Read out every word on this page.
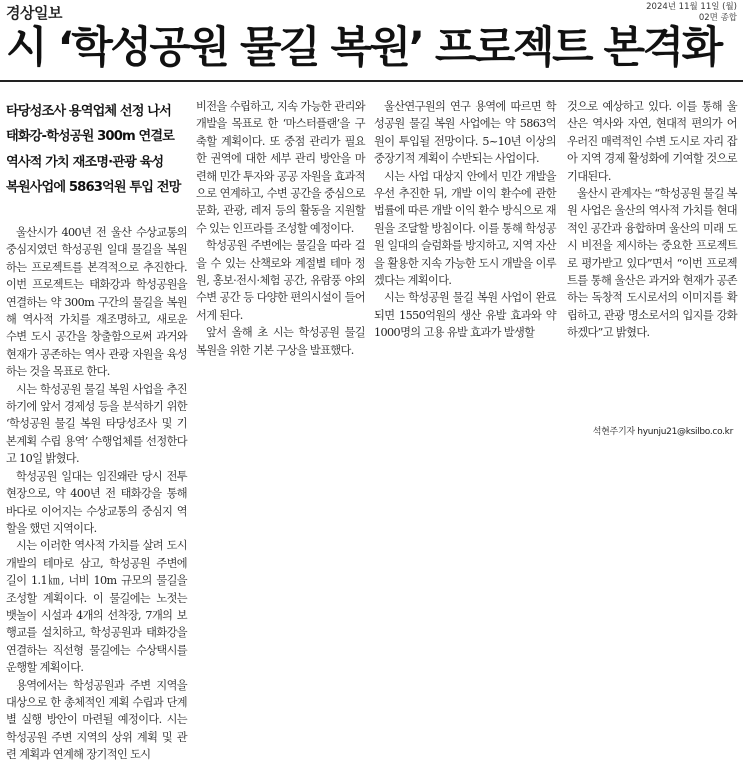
경상일보	2024년 11월 11일 (월)
02면 종합
시 ‘학성공원 물길 복원’ 프로젝트 본격화
타당성조사 용역업체 선정 나서
태화강-학성공원 300m 연결로
역사적 가치 재조명·관광 육성
복원사업에 5863억원 투입 전망

울산시가 400년 전 울산 수상교통의 중심지였던 학성공원 일대 물길을 복원하는 프로젝트를 본격적으로 추진한다. 이번 프로젝트는 태화강과 학성공원을 연결하는 약 300m 구간의 물길을 복원해 역사적 가치를 재조명하고, 새로운 수변 도시 공간을 창출함으로써 과거와 현재가 공존하는 역사 관광 자원을 육성하는 것을 목표로 한다.

시는 학성공원 물길 복원 사업을 추진하기에 앞서 경제성 등을 분석하기 위한 ‘학성공원 물길 복원 타당성조사 및 기본계획 수립 용역’ 수행업체를 선정한다고 10일 밝혔다.

학성공원 일대는 임진왜란 당시 전투 현장으로, 약 400년 전 태화강을 통해 바다로 이어지는 수상교통의 중심지 역할을 했던 지역이다.

시는 이러한 역사적 가치를 살려 도시 개발의 테마로 삼고, 학성공원 주변에 길이 1.1㎞, 너비 10m 규모의 물길을 조성할 계획이다. 이 물길에는 노젓는 뱃놀이 시설과 4개의 선착장, 7개의 보행교를 설치하고, 학성공원과 태화강을 연결하는 직선형 물길에는 수상택시를 운행할 계획이다.

용역에서는 학성공원과 주변 지역을 대상으로 한 총체적인 계획 수립과 단계별 실행 방안이 마련될 예정이다. 시는 학성공원 주변 지역의 상위 계획 및 관련 계획과 연계해 장기적인 도시

비전을 수립하고, 지속 가능한 관리와 개발을 목표로 한 ‘마스터플랜’을 구축할 계획이다. 또 중점 관리가 필요한 권역에 대한 세부 관리 방안을 마련해 민간 투자와 공공 자원을 효과적으로 연계하고, 수변 공간을 중심으로 문화, 관광, 레저 등의 활동을 지원할 수 있는 인프라를 조성할 예정이다.

학성공원 주변에는 물길을 따라 걸을 수 있는 산책로와 계절별 테마 정원, 홍보·전시·체험 공간, 유람풍 야외 수변 공간 등 다양한 편의시설이 들어서게 된다.

앞서 올해 초 시는 학성공원 물길 복원을 위한 기본 구상을 발표했다.

울산연구원의 연구 용역에 따르면 학성공원 물길 복원 사업에는 약 5863억원이 투입될 전망이다. 5~10년 이상의 중장기적 계획이 수반되는 사업이다.

시는 사업 대상지 안에서 민간 개발을 우선 추진한 뒤, 개발 이익 환수에 관한 법률에 따른 개발 이익 환수 방식으로 재원을 조달할 방침이다. 이를 통해 학성공원 일대의 슬럼화를 방지하고, 지역 자산을 활용한 지속 가능한 도시 개발을 이루겠다는 계획이다.

시는 학성공원 물길 복원 사업이 완료되면 1550억원의 생산 유발 효과와 약 1000명의 고용 유발 효과가 발생할

것으로 예상하고 있다. 이를 통해 울산은 역사와 자연, 현대적 편의가 어우러진 매력적인 수변 도시로 자리 잡아 지역 경제 활성화에 기여할 것으로 기대된다.

울산시 관계자는 “학성공원 물길 복원 사업은 울산의 역사적 가치를 현대적인 공간과 융합하며 울산의 미래 도시 비전을 제시하는 중요한 프로젝트로 평가받고 있다”면서 “이번 프로젝트를 통해 울산은 과거와 현재가 공존하는 독창적 도시로서의 이미지를 확립하고, 관광 명소로서의 입지를 강화하겠다”고 밝혔다.

석현주기자 hyunju21@ksilbo.co.kr
